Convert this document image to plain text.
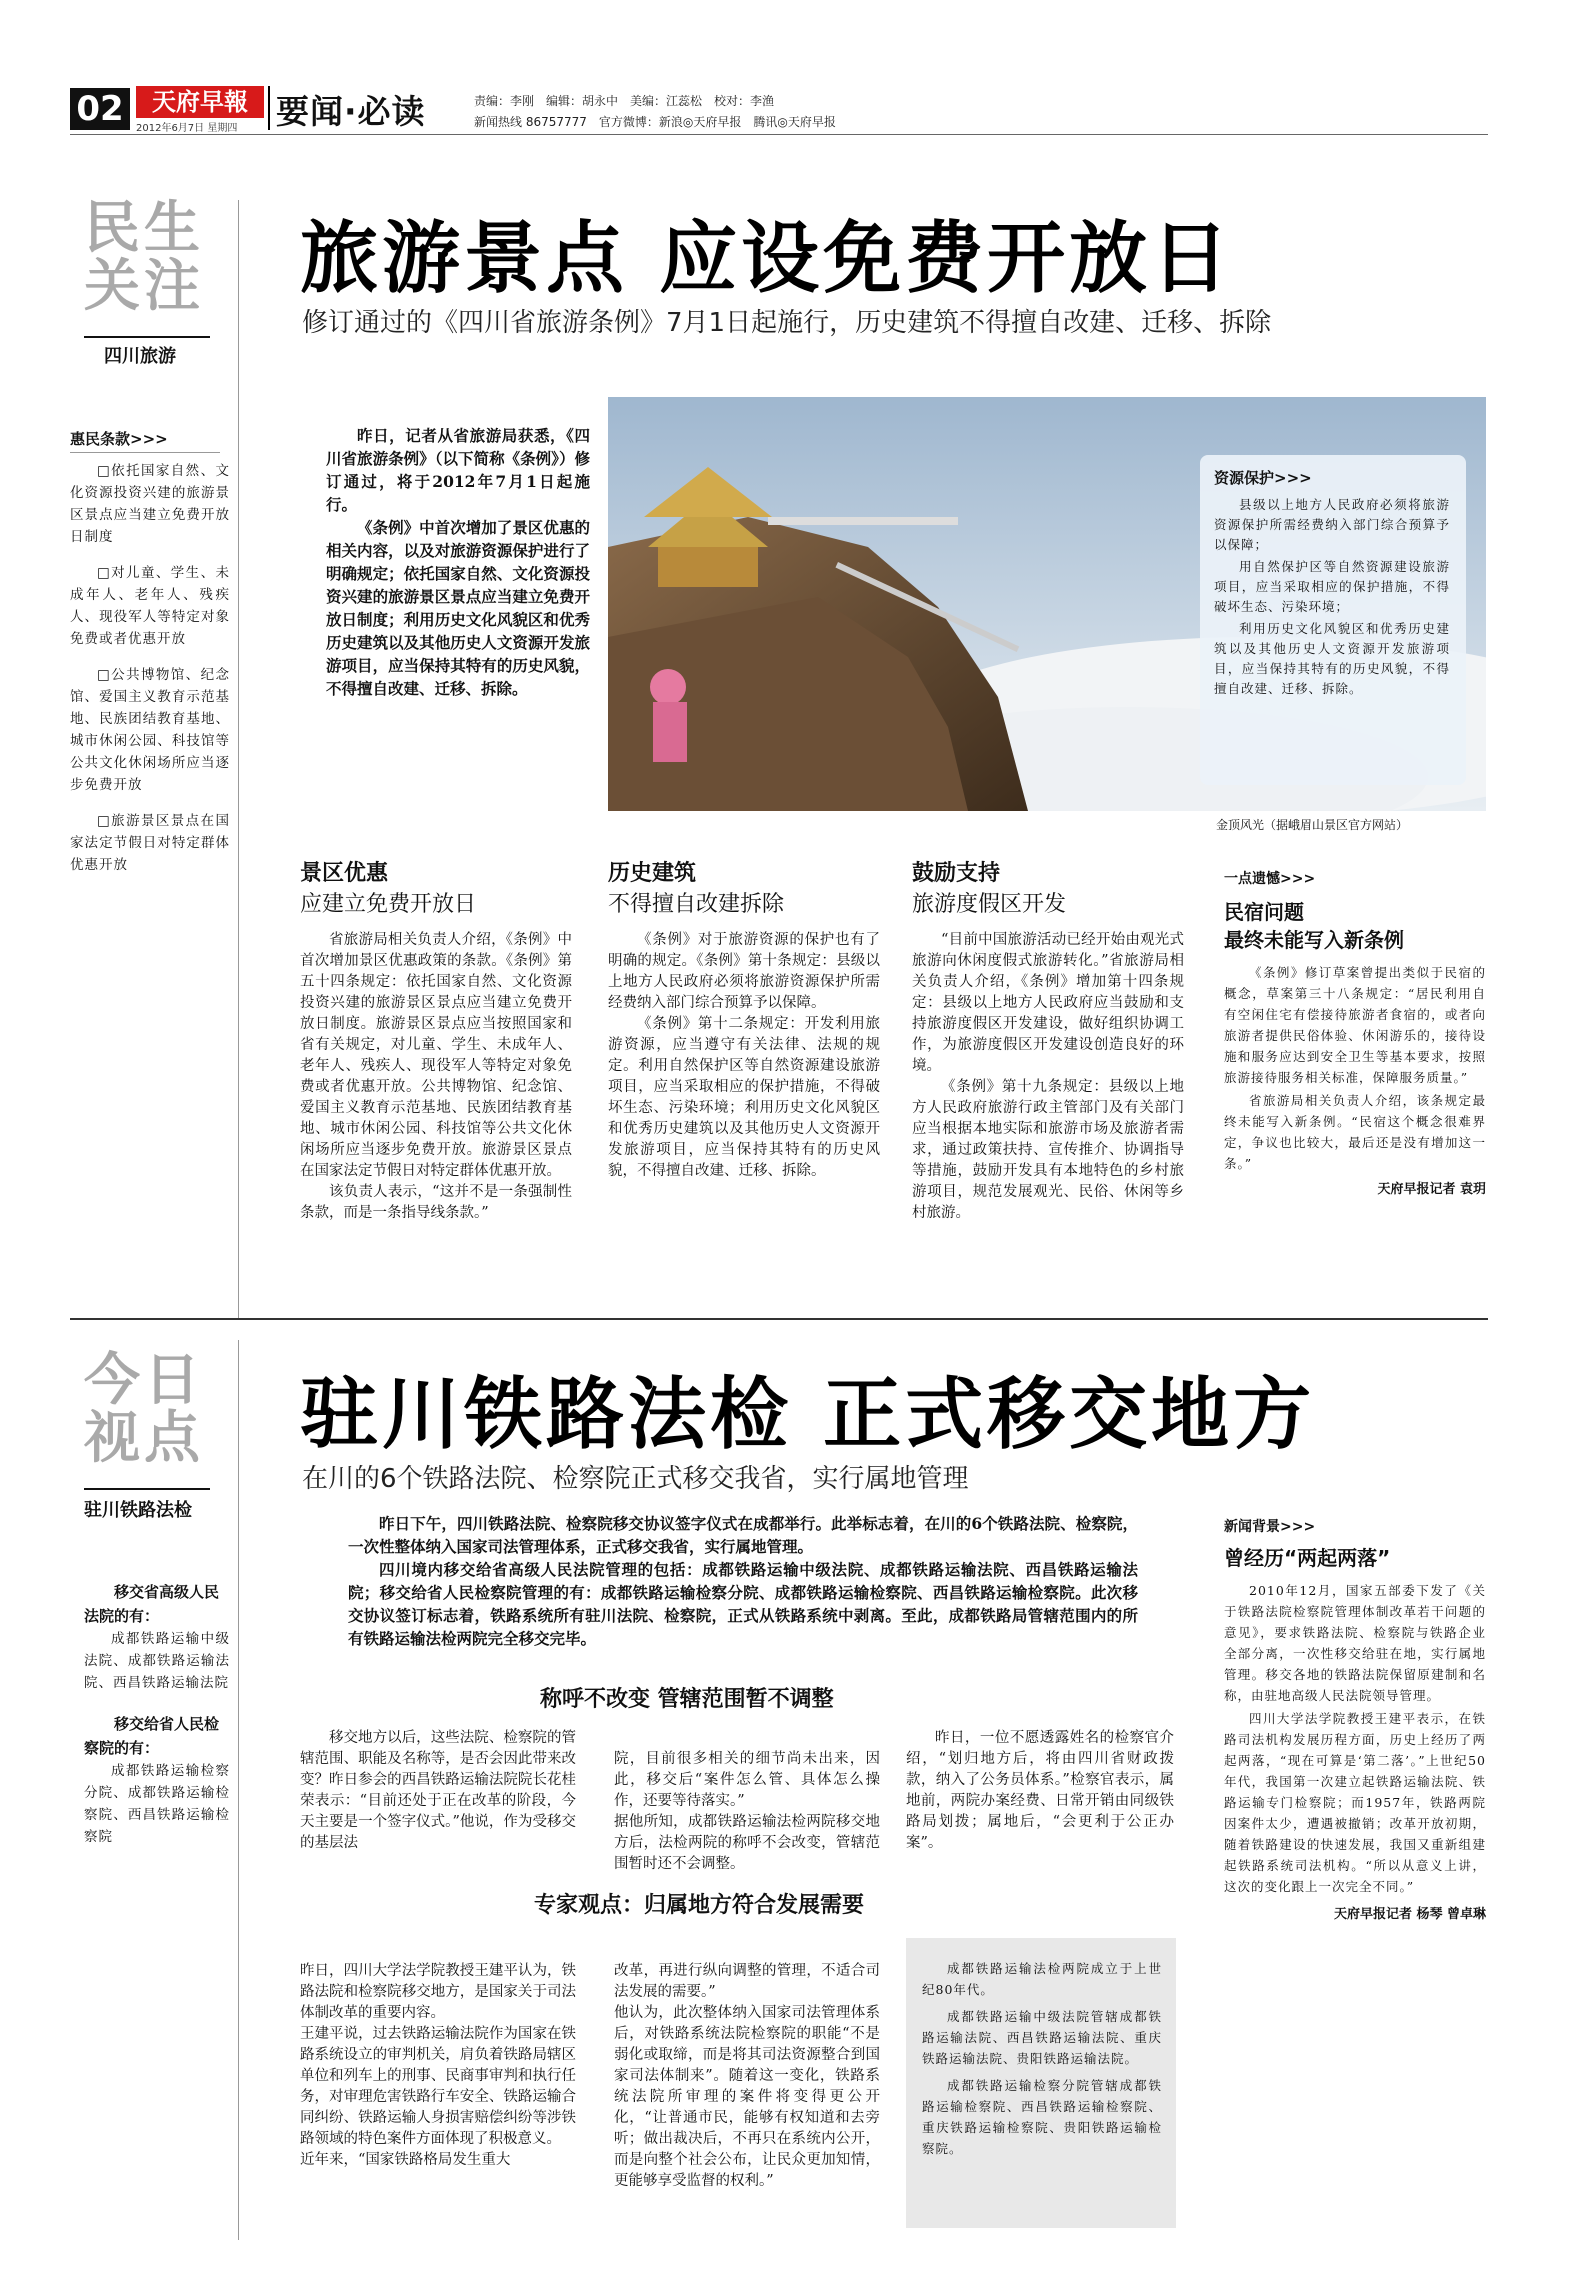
02	天府早報
2012年6月7日 星期四 要闻·必读	责编：李刚　编辑：胡永中　美编：江蕊松　校对：李渔
新闻热线 86757777　官方微博：新浪◎天府早报　腾讯◎天府早报
民生关注
四川旅游
旅游景点 应设免费开放日
修订通过的《四川省旅游条例》7月1日起施行，历史建筑不得擅自改建、迁移、拆除
惠民条款>>>
□依托国家自然、文化资源投资兴建的旅游景区景点应当建立免费开放日制度
□对儿童、学生、未成年人、老年人、残疾人、现役军人等特定对象免费或者优惠开放
□公共博物馆、纪念馆、爱国主义教育示范基地、民族团结教育基地、城市休闲公园、科技馆等公共文化休闲场所应当逐步免费开放
□旅游景区景点在国家法定节假日对特定群体优惠开放

昨日，记者从省旅游局获悉，《四川省旅游条例》（以下简称《条例》）修订通过，将于2012年7月1日起施行。

《条例》中首次增加了景区优惠的相关内容，以及对旅游资源保护进行了明确规定；依托国家自然、文化资源投资兴建的旅游景区景点应当建立免费开放日制度；利用历史文化风貌区和优秀历史建筑以及其他历史人文资源开发旅游项目，应当保持其特有的历史风貌，不得擅自改建、迁移、拆除。

资源保护>>>

县级以上地方人民政府必须将旅游资源保护所需经费纳入部门综合预算予以保障；

用自然保护区等自然资源建设旅游项目，应当采取相应的保护措施，不得破坏生态、污染环境；

利用历史文化风貌区和优秀历史建筑以及其他历史人文资源开发旅游项目，应当保持其特有的历史风貌，不得擅自改建、迁移、拆除。

金顶风光（据峨眉山景区官方网站）
景区优惠
应建立免费开放日

省旅游局相关负责人介绍，《条例》中首次增加景区优惠政策的条款。《条例》第五十四条规定：依托国家自然、文化资源投资兴建的旅游景区景点应当建立免费开放日制度。旅游景区景点应当按照国家和省有关规定，对儿童、学生、未成年人、老年人、残疾人、现役军人等特定对象免费或者优惠开放。公共博物馆、纪念馆、爱国主义教育示范基地、民族团结教育基地、城市休闲公园、科技馆等公共文化休闲场所应当逐步免费开放。旅游景区景点在国家法定节假日对特定群体优惠开放。

该负责人表示，“这并不是一条强制性条款，而是一条指导线条款。”

历史建筑
不得擅自改建拆除

《条例》对于旅游资源的保护也有了明确的规定。《条例》第十条规定：县级以上地方人民政府必须将旅游资源保护所需经费纳入部门综合预算予以保障。

《条例》第十二条规定：开发利用旅游资源，应当遵守有关法律、法规的规定。利用自然保护区等自然资源建设旅游项目，应当采取相应的保护措施，不得破坏生态、污染环境；利用历史文化风貌区和优秀历史建筑以及其他历史人文资源开发旅游项目，应当保持其特有的历史风貌，不得擅自改建、迁移、拆除。

鼓励支持
旅游度假区开发

“目前中国旅游活动已经开始由观光式旅游向休闲度假式旅游转化。”省旅游局相关负责人介绍，《条例》增加第十四条规定：县级以上地方人民政府应当鼓励和支持旅游度假区开发建设，做好组织协调工作，为旅游度假区开发建设创造良好的环境。

《条例》第十九条规定：县级以上地方人民政府旅游行政主管部门及有关部门应当根据本地实际和旅游市场及旅游者需求，通过政策扶持、宣传推介、协调指导等措施，鼓励开发具有本地特色的乡村旅游项目，规范发展观光、民俗、休闲等乡村旅游。

一点遗憾>>>
民宿问题
最终未能写入新条例

《条例》修订草案曾提出类似于民宿的概念，草案第三十八条规定：“居民利用自有空闲住宅有偿接待旅游者食宿的，或者向旅游者提供民俗体验、休闲游乐的，接待设施和服务应达到安全卫生等基本要求，按照旅游接待服务相关标准，保障服务质量。”

省旅游局相关负责人介绍，该条规定最终未能写入新条例。“民宿这个概念很难界定，争议也比较大，最后还是没有增加这一条。”

天府早报记者 袁玥
今日视点
驻川铁路法检
驻川铁路法检 正式移交地方
在川的6个铁路法院、检察院正式移交我省，实行属地管理
移交省高级人民法院的有：
成都铁路运输中级法院、成都铁路运输法院、西昌铁路运输法院
移交给省人民检察院的有：
成都铁路运输检察分院、成都铁路运输检察院、西昌铁路运输检察院

昨日下午，四川铁路法院、检察院移交协议签字仪式在成都举行。此举标志着，在川的6个铁路法院、检察院，一次性整体纳入国家司法管理体系，正式移交我省，实行属地管理。

四川境内移交给省高级人民法院管理的包括：成都铁路运输中级法院、成都铁路运输法院、西昌铁路运输法院；移交给省人民检察院管理的有：成都铁路运输检察分院、成都铁路运输检察院、西昌铁路运输检察院。此次移交协议签订标志着，铁路系统所有驻川法院、检察院，正式从铁路系统中剥离。至此，成都铁路局管辖范围内的所有铁路运输法检两院完全移交完毕。

称呼不改变 管辖范围暂不调整

移交地方以后，这些法院、检察院的管辖范围、职能及名称等，是否会因此带来改变？昨日参会的西昌铁路运输法院院长花桂荣表示：“目前还处于正在改革的阶段，今天主要是一个签字仪式。”他说，作为受移交的基层法

院，目前很多相关的细节尚未出来，因此，移交后“案件怎么管、具体怎么操作，还要等待落实。”
据他所知，成都铁路运输法检两院移交地方后，法检两院的称呼不会改变，管辖范围暂时还不会调整。

昨日，一位不愿透露姓名的检察官介绍，“划归地方后，将由四川省财政拨款，纳入了公务员体系。”检察官表示，属地前，两院办案经费、日常开销由同级铁路局划拨；属地后，“会更利于公正办案”。

专家观点：归属地方符合发展需要

昨日，四川大学法学院教授王建平认为，铁路法院和检察院移交地方，是国家关于司法体制改革的重要内容。
王建平说，过去铁路运输法院作为国家在铁路系统设立的审判机关，肩负着铁路局辖区单位和列车上的刑事、民商事审判和执行任务，对审理危害铁路行车安全、铁路运输合同纠纷、铁路运输人身损害赔偿纠纷等涉铁路领域的特色案件方面体现了积极意义。
近年来，“国家铁路格局发生重大

改革，再进行纵向调整的管理，不适合司法发展的需要。”
他认为，此次整体纳入国家司法管理体系后，对铁路系统法院检察院的职能“不是弱化或取缔，而是将其司法资源整合到国家司法体制来”。随着这一变化，铁路系统法院所审理的案件将变得更公开化，“让普通市民，能够有权知道和去旁听；做出裁决后，不再只在系统内公开，而是向整个社会公布，让民众更加知情，更能够享受监督的权利。”

成都铁路运输法检两院成立于上世纪80年代。

成都铁路运输中级法院管辖成都铁路运输法院、西昌铁路运输法院、重庆铁路运输法院、贵阳铁路运输法院。

成都铁路运输检察分院管辖成都铁路运输检察院、西昌铁路运输检察院、重庆铁路运输检察院、贵阳铁路运输检察院。

新闻背景>>>
曾经历“两起两落”

2010年12月，国家五部委下发了《关于铁路法院检察院管理体制改革若干问题的意见》，要求铁路法院、检察院与铁路企业全部分离，一次性移交给驻在地，实行属地管理。移交各地的铁路法院保留原建制和名称，由驻地高级人民法院领导管理。

四川大学法学院教授王建平表示，在铁路司法机构发展历程方面，历史上经历了两起两落，“现在可算是‘第二落’。”上世纪50年代，我国第一次建立起铁路运输法院、铁路运输专门检察院；而1957年，铁路两院因案件太少，遭遇被撤销；改革开放初期，随着铁路建设的快速发展，我国又重新组建起铁路系统司法机构。“所以从意义上讲，这次的变化跟上一次完全不同。”

天府早报记者 杨琴 曾卓琳
